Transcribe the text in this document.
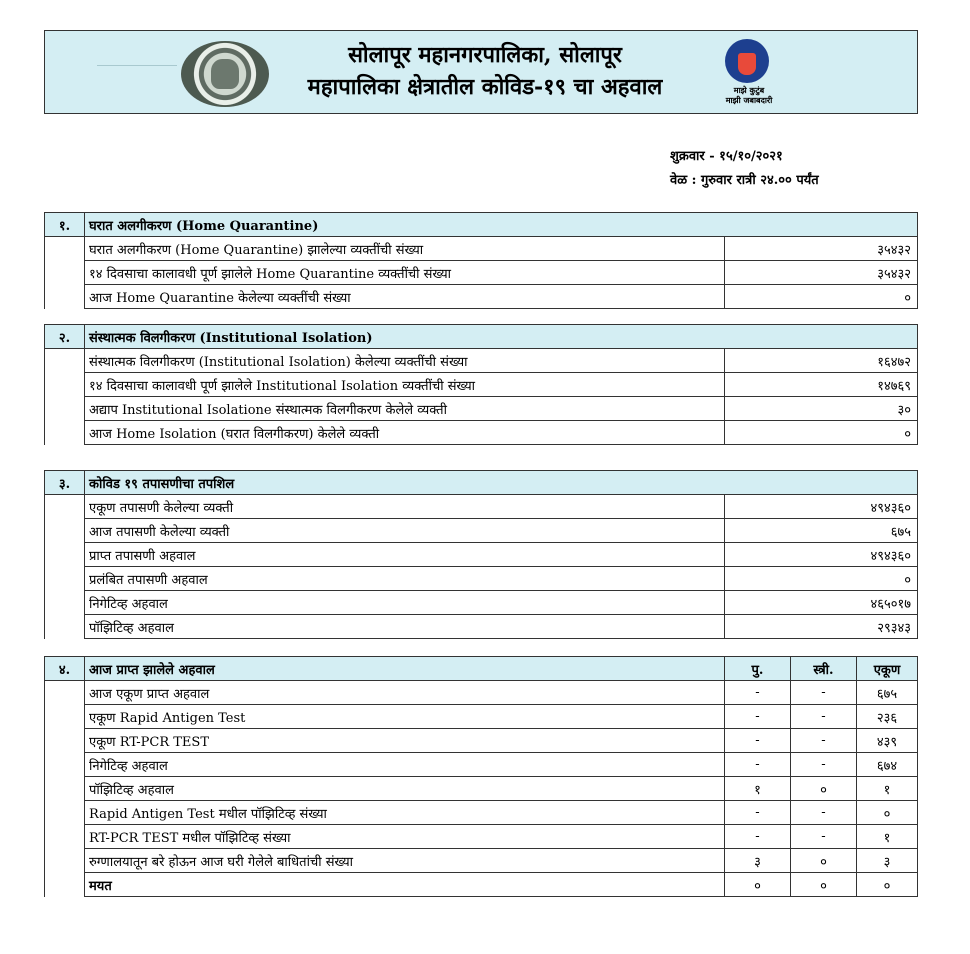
सोलापूर महानगरपालिका, सोलापूर
महापालिका क्षेत्रातील कोविड-१९ चा अहवाल	माझे कुटुंब
माझी जबाबदारी
शुक्रवार - १५/१०/२०२१
वेळ : गुरुवार रात्री २४.०० पर्यंत
१.	घरात अलगीकरण (Home Quarantine)	
	घरात अलगीकरण (Home Quarantine) झालेल्या व्यक्तींची संख्या	३५४३२
	१४ दिवसाचा कालावधी पूर्ण झालेले Home Quarantine व्यक्तींची संख्या	३५४३२
	आज Home Quarantine केलेल्या व्यक्तींची संख्या	०
२.	संस्थात्मक विलगीकरण (Institutional Isolation)	
	संस्थात्मक विलगीकरण (Institutional Isolation) केलेल्या व्यक्तींची संख्या	१६४७२
	१४ दिवसाचा कालावधी पूर्ण झालेले Institutional Isolation व्यक्तींची संख्या	१४७६९
	अद्याप Institutional Isolatione संस्थात्मक विलगीकरण केलेले व्यक्ती	३०
	आज Home Isolation (घरात विलगीकरण) केलेले व्यक्ती	०
३.	कोविड १९ तपासणीचा तपशिल	
	एकूण तपासणी केलेल्या व्यक्ती	४९४३६०
	आज तपासणी केलेल्या व्यक्ती	६७५
	प्राप्त तपासणी अहवाल	४९४३६०
	प्रलंबित तपासणी अहवाल	०
	निगेटिव्ह अहवाल	४६५०१७
	पॉझिटिव्ह अहवाल	२९३४३
४.	आज प्राप्त झालेले अहवाल	पु.	स्त्री.	एकूण
	आज एकूण प्राप्त अहवाल	-	-	६७५
	एकूण Rapid Antigen Test	-	-	२३६
	एकूण RT-PCR TEST	-	-	४३९
	निगेटिव्ह अहवाल	-	-	६७४
	पॉझिटिव्ह अहवाल	१	०	१
	Rapid Antigen Test मधील पॉझिटिव्ह संख्या	-	-	०
	RT-PCR TEST मधील पॉझिटिव्ह संख्या	-	-	१
	रुग्णालयातून बरे होऊन आज घरी गेलेले बाधितांची संख्या	३	०	३
	मयत	०	०	०
